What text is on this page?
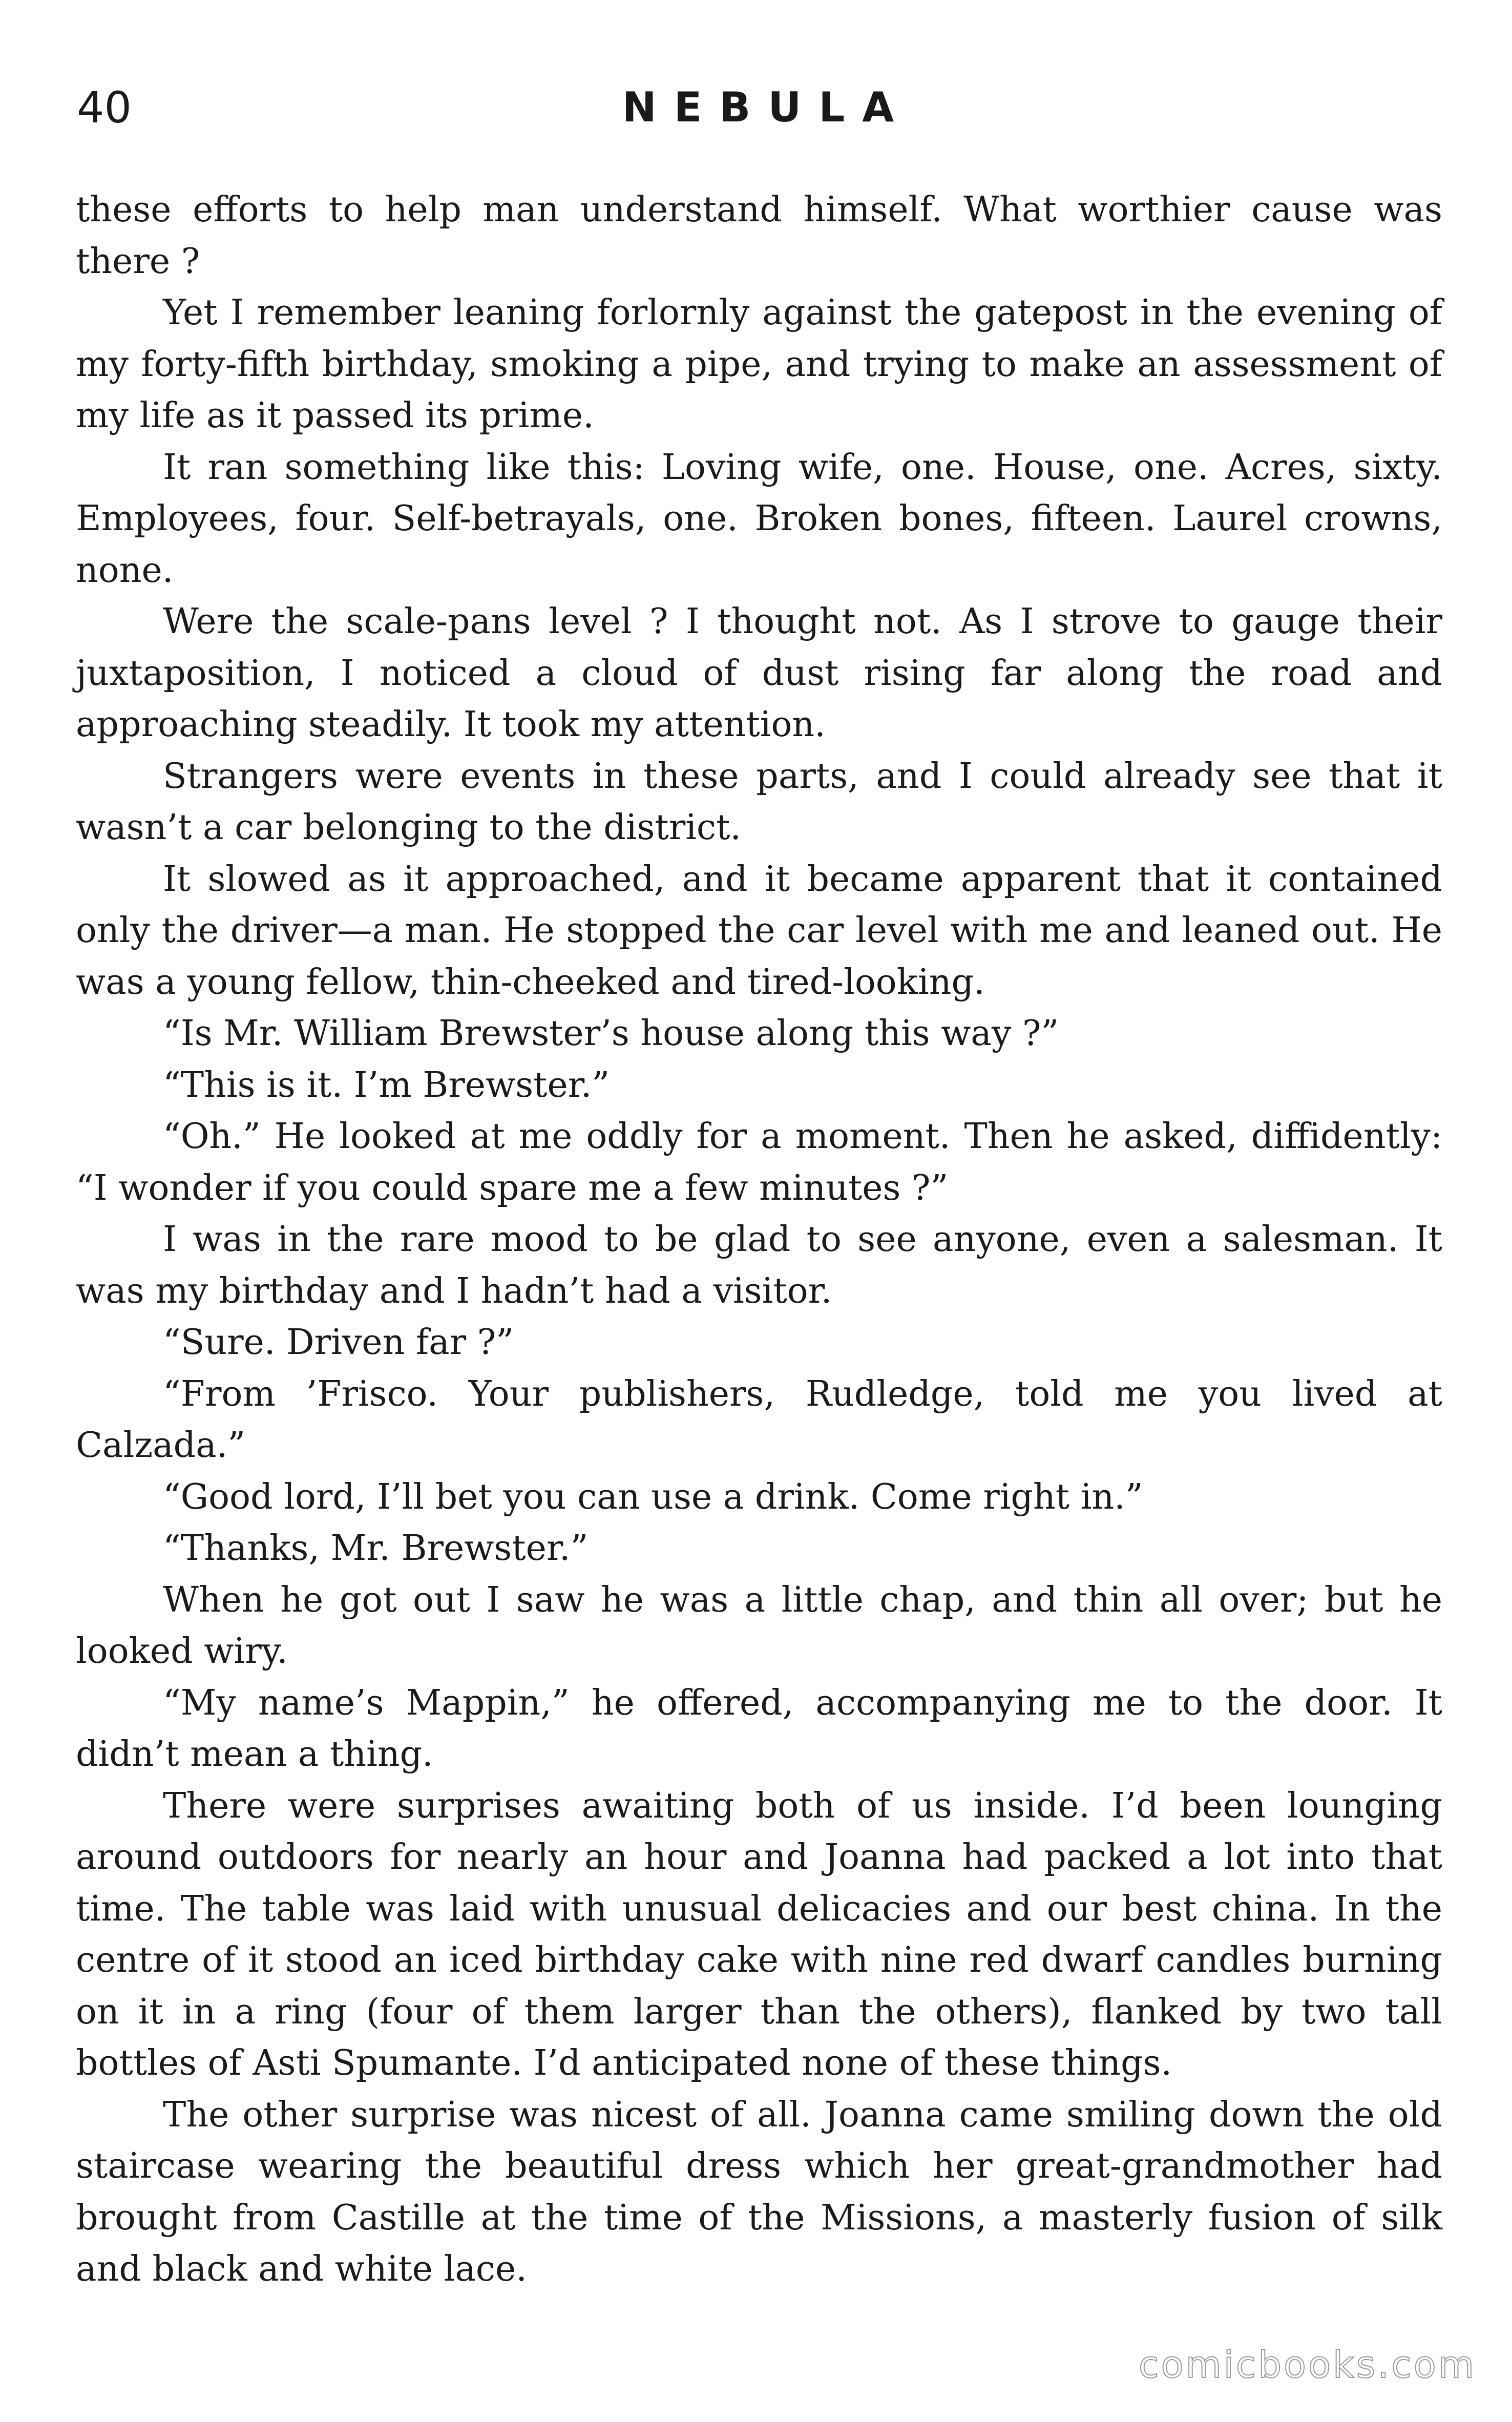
40	NEBULA

these efforts to help man understand himself. What worthier cause was there ?

Yet I remember leaning forlornly against the gatepost in the evening of my forty-fifth birthday, smoking a pipe, and trying to make an assessment of my life as it passed its prime.

It ran something like this: Loving wife, one. House, one. Acres, sixty. Employees, four. Self-betrayals, one. Broken bones, fifteen. Laurel crowns, none.

Were the scale-pans level ? I thought not. As I strove to gauge their juxtaposition, I noticed a cloud of dust rising far along the road and approaching steadily. It took my attention.

Strangers were events in these parts, and I could already see that it wasn’t a car belonging to the district.

It slowed as it approached, and it became apparent that it contained only the driver—a man. He stopped the car level with me and leaned out. He was a young fellow, thin-cheeked and tired-looking.

“Is Mr. William Brewster’s house along this way ?”

“This is it. I’m Brewster.”

“Oh.” He looked at me oddly for a moment. Then he asked, diffidently: “I wonder if you could spare me a few minutes ?”

I was in the rare mood to be glad to see anyone, even a salesman. It was my birthday and I hadn’t had a visitor.

“Sure. Driven far ?”

“From ’Frisco. Your publishers, Rudledge, told me you lived at Calzada.”

“Good lord, I’ll bet you can use a drink. Come right in.”

“Thanks, Mr. Brewster.”

When he got out I saw he was a little chap, and thin all over; but he looked wiry.

“My name’s Mappin,” he offered, accompanying me to the door. It didn’t mean a thing.

There were surprises awaiting both of us inside. I’d been lounging around outdoors for nearly an hour and Joanna had packed a lot into that time. The table was laid with unusual delicacies and our best china. In the centre of it stood an iced birthday cake with nine red dwarf candles burning on it in a ring (four of them larger than the others), flanked by two tall bottles of Asti Spumante. I’d anticipated none of these things.

The other surprise was nicest of all. Joanna came smiling down the old staircase wearing the beautiful dress which her great-grandmother had brought from Castille at the time of the Missions, a masterly fusion of silk and black and white lace.

comicbooks.com
